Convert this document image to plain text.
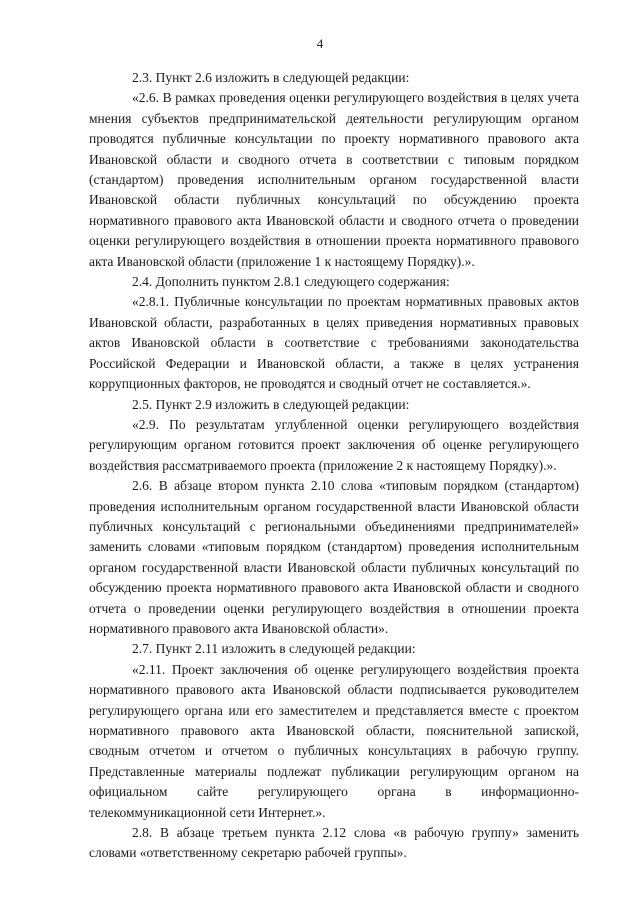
4

2.3. Пункт 2.6 изложить в следующей редакции:

«2.6. В рамках проведения оценки регулирующего воздействия в целях учета мнения субъектов предпринимательской деятельности регулирующим органом проводятся публичные консультации по проекту нормативного правового акта Ивановской области и сводного отчета в соответствии с типовым порядком (стандартом) проведения исполнительным органом государственной власти Ивановской области публичных консультаций по обсуждению проекта нормативного правового акта Ивановской области и сводного отчета о проведении оценки регулирующего воздействия в отношении проекта нормативного правового акта Ивановской области (приложение 1 к настоящему Порядку).».

2.4. Дополнить пунктом 2.8.1 следующего содержания:

«2.8.1. Публичные консультации по проектам нормативных правовых актов Ивановской области, разработанных в целях приведения нормативных правовых актов Ивановской области в соответствие с требованиями законодательства Российской Федерации и Ивановской области, а также в целях устранения коррупционных факторов, не проводятся и сводный отчет не составляется.».

2.5. Пункт 2.9 изложить в следующей редакции:

«2.9. По результатам углубленной оценки регулирующего воздействия регулирующим органом готовится проект заключения об оценке регулирующего воздействия рассматриваемого проекта (приложение 2 к настоящему Порядку).».

2.6. В абзаце втором пункта 2.10 слова «типовым порядком (стандартом) проведения исполнительным органом государственной власти Ивановской области публичных консультаций с региональными объединениями предпринимателей» заменить словами «типовым порядком (стандартом) проведения исполнительным органом государственной власти Ивановской области публичных консультаций по обсуждению проекта нормативного правового акта Ивановской области и сводного отчета о проведении оценки регулирующего воздействия в отношении проекта нормативного правового акта Ивановской области».

2.7. Пункт 2.11 изложить в следующей редакции:

«2.11. Проект заключения об оценке регулирующего воздействия проекта нормативного правового акта Ивановской области подписывается руководителем регулирующего органа или его заместителем и представляется вместе с проектом нормативного правового акта Ивановской области, пояснительной запиской, сводным отчетом и отчетом о публичных консультациях в рабочую группу. Представленные материалы подлежат публикации регулирующим органом на официальном сайте регулирующего органа в информационно-телекоммуникационной сети Интернет.».

2.8. В абзаце третьем пункта 2.12 слова «в рабочую группу» заменить словами «ответственному секретарю рабочей группы».
